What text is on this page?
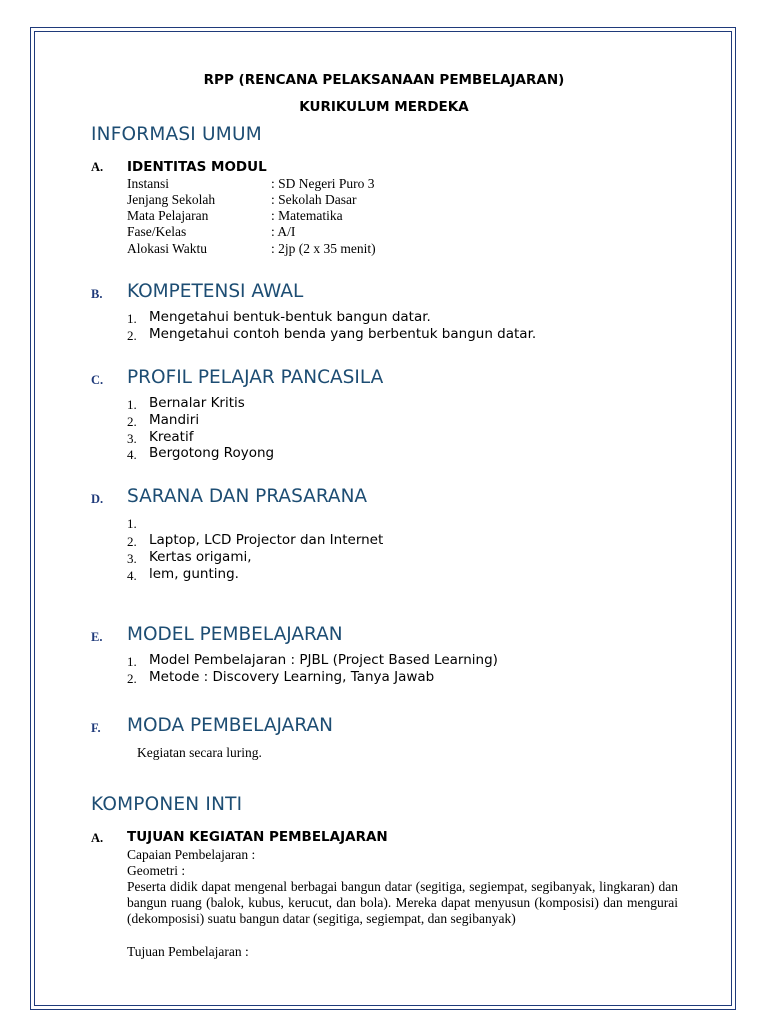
RPP (RENCANA PELAKSANAAN PEMBELAJARAN)
KURIKULUM MERDEKA
INFORMASI UMUM
A. IDENTITAS MODUL
Instansi	: SD Negeri Puro 3
Jenjang Sekolah	: Sekolah Dasar
Mata Pelajaran	: Matematika
Fase/Kelas	: A/I
Alokasi Waktu	: 2jp (2 x 35 menit)
B. KOMPETENSI AWAL
1. Mengetahui bentuk-bentuk bangun datar.
2. Mengetahui contoh benda yang berbentuk bangun datar.
C. PROFIL PELAJAR PANCASILA
1. Bernalar Kritis
2. Mandiri
3. Kreatif
4. Bergotong Royong
D. SARANA DAN PRASARANA
1.
2. Laptop, LCD Projector dan Internet
3. Kertas origami,
4. lem, gunting.
E. MODEL PEMBELAJARAN
1. Model Pembelajaran : PJBL (Project Based Learning)
2. Metode : Discovery Learning, Tanya Jawab
F. MODA PEMBELAJARAN
Kegiatan secara luring.
KOMPONEN INTI
A. TUJUAN KEGIATAN PEMBELAJARAN
Capaian Pembelajaran :
Geometri :
Peserta didik dapat mengenal berbagai bangun datar (segitiga, segiempat, segibanyak, lingkaran) dan bangun ruang (balok, kubus, kerucut, dan bola). Mereka dapat menyusun (komposisi) dan mengurai (dekomposisi) suatu bangun datar (segitiga, segiempat, dan segibanyak)
Tujuan Pembelajaran :
